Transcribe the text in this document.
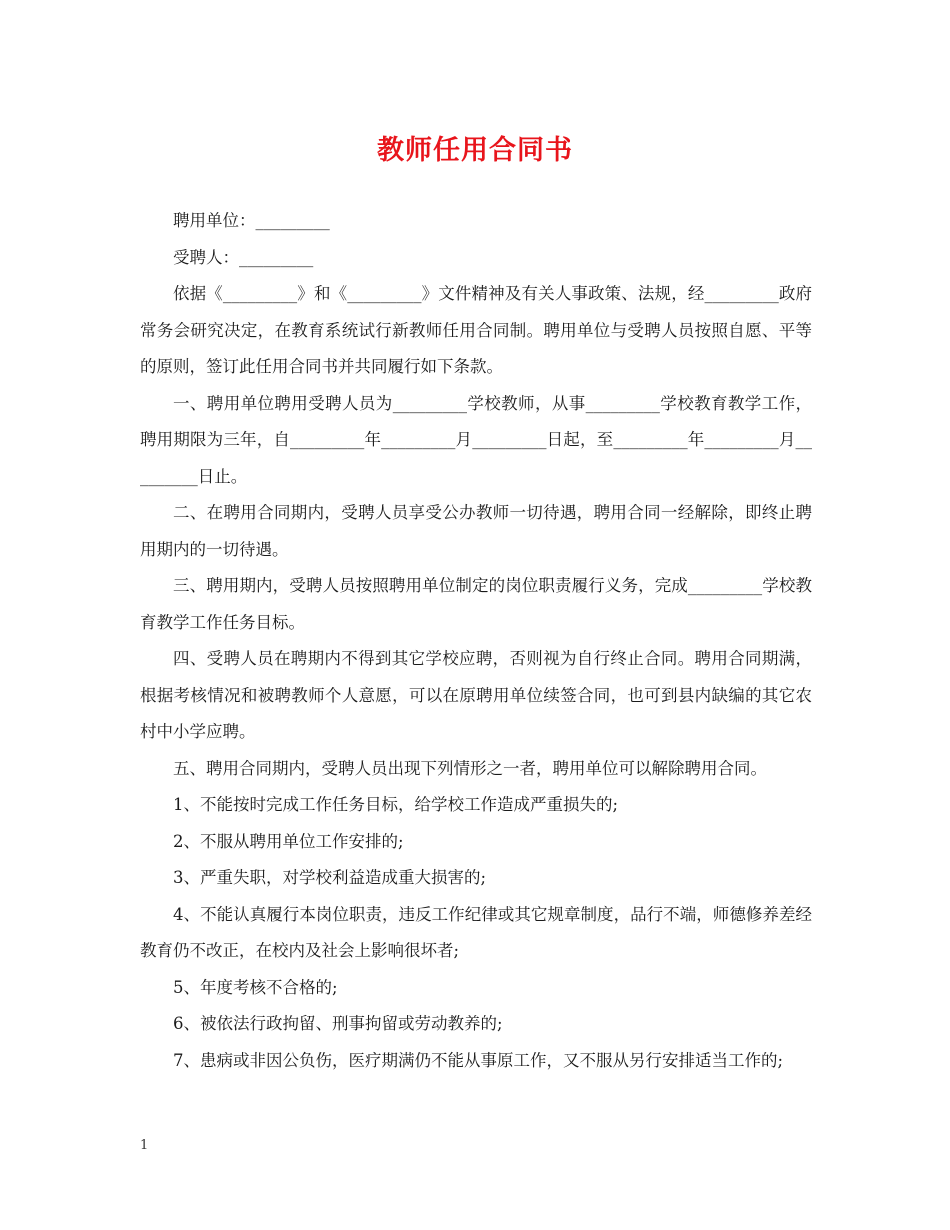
教师任用合同书

聘用单位：_________

受聘人：_________

依据《_________》和《_________》文件精神及有关人事政策、法规，经_________政府常务会研究决定，在教育系统试行新教师任用合同制。聘用单位与受聘人员按照自愿、平等的原则，签订此任用合同书并共同履行如下条款。

一、聘用单位聘用受聘人员为_________学校教师，从事_________学校教育教学工作，聘用期限为三年，自_________年_________月_________日起，至_________年_________月_________日止。

二、在聘用合同期内，受聘人员享受公办教师一切待遇，聘用合同一经解除，即终止聘用期内的一切待遇。

三、聘用期内，受聘人员按照聘用单位制定的岗位职责履行义务，完成_________学校教育教学工作任务目标。

四、受聘人员在聘期内不得到其它学校应聘，否则视为自行终止合同。聘用合同期满，根据考核情况和被聘教师个人意愿，可以在原聘用单位续签合同，也可到县内缺编的其它农村中小学应聘。

五、聘用合同期内，受聘人员出现下列情形之一者，聘用单位可以解除聘用合同。

1、不能按时完成工作任务目标，给学校工作造成严重损失的;

2、不服从聘用单位工作安排的;

3、严重失职，对学校利益造成重大损害的;

4、不能认真履行本岗位职责，违反工作纪律或其它规章制度，品行不端，师德修养差经教育仍不改正，在校内及社会上影响很坏者;

5、年度考核不合格的;

6、被依法行政拘留、刑事拘留或劳动教养的;

7、患病或非因公负伤，医疗期满仍不能从事原工作，又不服从另行安排适当工作的;

1
